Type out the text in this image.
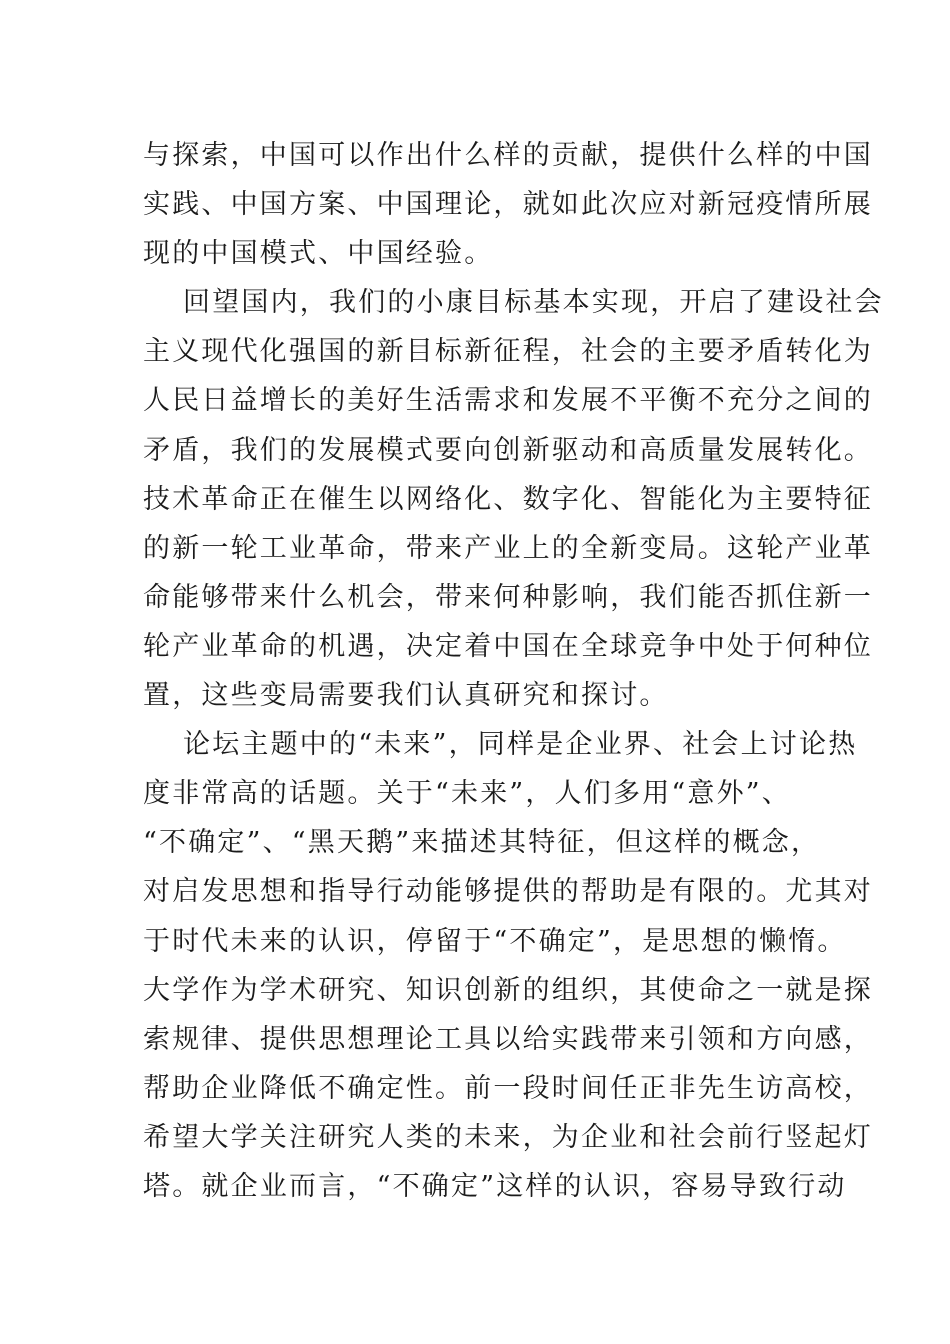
与探索，中国可以作出什么样的贡献，提供什么样的中国
实践、中国方案、中国理论，就如此次应对新冠疫情所展
现的中国模式、中国经验。
回望国内，我们的小康目标基本实现，开启了建设社会
主义现代化强国的新目标新征程，社会的主要矛盾转化为
人民日益增长的美好生活需求和发展不平衡不充分之间的
矛盾，我们的发展模式要向创新驱动和高质量发展转化。
技术革命正在催生以网络化、数字化、智能化为主要特征
的新一轮工业革命，带来产业上的全新变局。这轮产业革
命能够带来什么机会，带来何种影响，我们能否抓住新一
轮产业革命的机遇，决定着中国在全球竞争中处于何种位
置，这些变局需要我们认真研究和探讨。
论坛主题中的“未来”，同样是企业界、社会上讨论热
度非常高的话题。关于“未来”，人们多用“意外”、
“不确定”、“黑天鹅”来描述其特征，但这样的概念，
对启发思想和指导行动能够提供的帮助是有限的。尤其对
于时代未来的认识，停留于“不确定”，是思想的懒惰。
大学作为学术研究、知识创新的组织，其使命之一就是探
索规律、提供思想理论工具以给实践带来引领和方向感，
帮助企业降低不确定性。前一段时间任正非先生访高校，
希望大学关注研究人类的未来，为企业和社会前行竖起灯
塔。就企业而言，“不确定”这样的认识，容易导致行动
